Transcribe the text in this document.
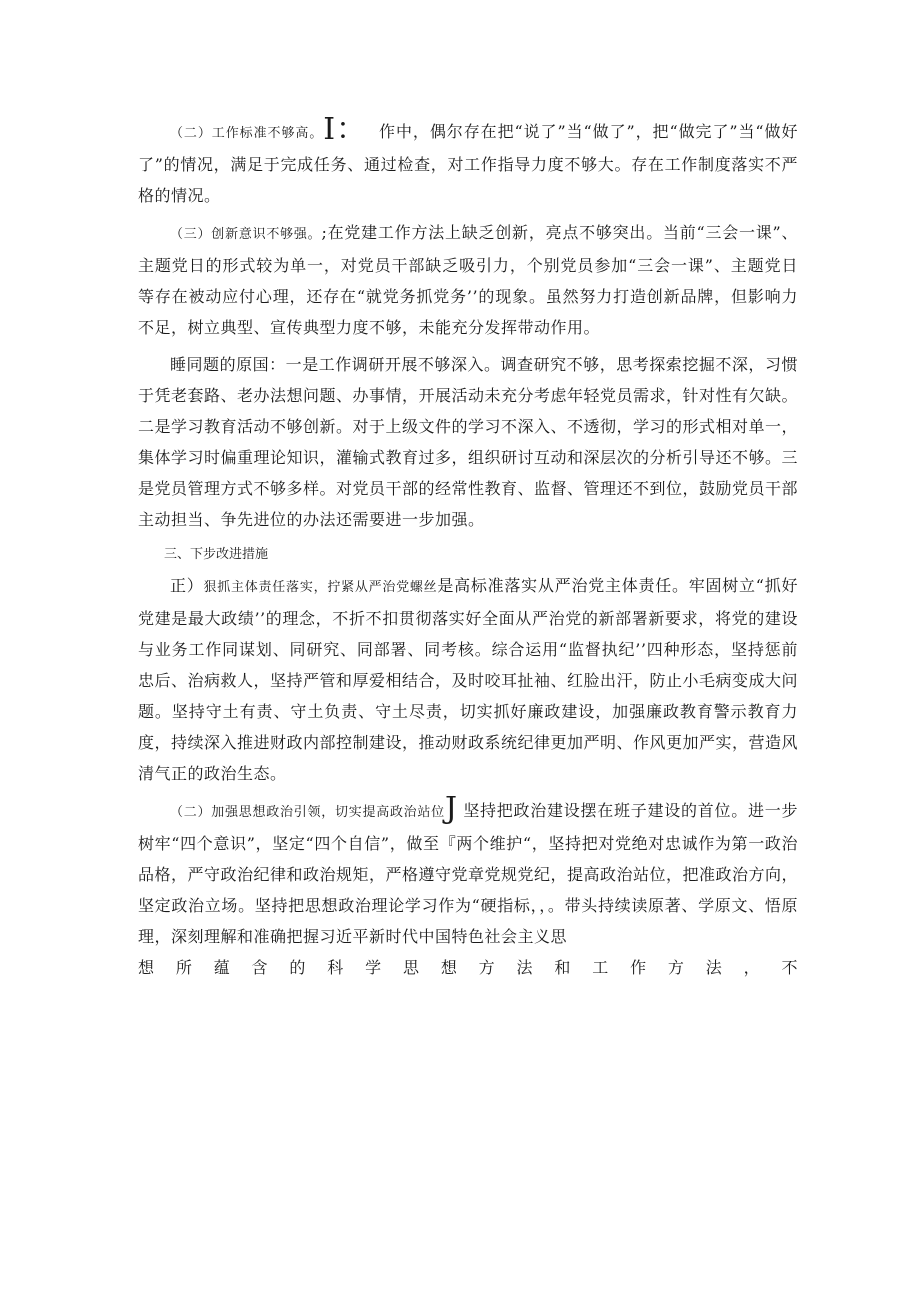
（二）工作标准不够高。I： 作中，偶尔存在把“说了”当“做了”，把“做完了”当“做好了”的情况，满足于完成任务、通过检查，对工作指导力度不够大。存在工作制度落实不严格的情况。

（三）创新意识不够强。;在党建工作方法上缺乏创新，亮点不够突出。当前“三会一课”、主题党日的形式较为单一，对党员干部缺乏吸引力，个别党员参加“三会一课”、主题党日等存在被动应付心理，还存在“就党务抓党务’’的现象。虽然努力打造创新品牌，但影响力不足，树立典型、宣传典型力度不够，未能充分发挥带动作用。

睡同题的原国：一是工作调研开展不够深入。调查研究不够，思考探索挖掘不深，习惯于凭老套路、老办法想问题、办事情，开展活动未充分考虑年轻党员需求，针对性有欠缺。二是学习教育活动不够创新。对于上级文件的学习不深入、不透彻，学习的形式相对单一，集体学习时偏重理论知识，灌输式教育过多，组织研讨互动和深层次的分析引导还不够。三是党员管理方式不够多样。对党员干部的经常性教育、监督、管理还不到位，鼓励党员干部主动担当、争先进位的办法还需要进一步加强。

三、下步改进措施

正）狠抓主体责任落实，拧紧从严治党螺丝是高标准落实从严治党主体责任。牢固树立“抓好党建是最大政绩’’的理念，不折不扣贯彻落实好全面从严治党的新部署新要求，将党的建设与业务工作同谋划、同研究、同部署、同考核。综合运用“监督执纪’’四种形态，坚持惩前忠后、治病救人，坚持严管和厚爱相结合，及时咬耳扯袖、红脸出汗，防止小毛病变成大问题。坚持守土有责、守土负责、守土尽责，切实抓好廉政建设，加强廉政教育警示教育力度，持续深入推进财政内部控制建设，推动财政系统纪律更加严明、作风更加严实，营造风清气正的政治生态。

（二）加强思想政治引领，切实提高政治站位J 坚持把政治建设摆在班子建设的首位。进一步树牢“四个意识”，坚定“四个自信”，做至『两个维护“，坚持把对党绝对忠诚作为第一政治品格，严守政治纪律和政治规矩，严格遵守党章党规党纪，提高政治站位，把准政治方向，坚定政治立场。坚持把思想政治理论学习作为“硬指标，，。带头持续读原著、学原文、悟原理，深刻理解和准确把握习近平新时代中国特色社会主义思

想所蕴含的科学思想方法和工作方法，不
